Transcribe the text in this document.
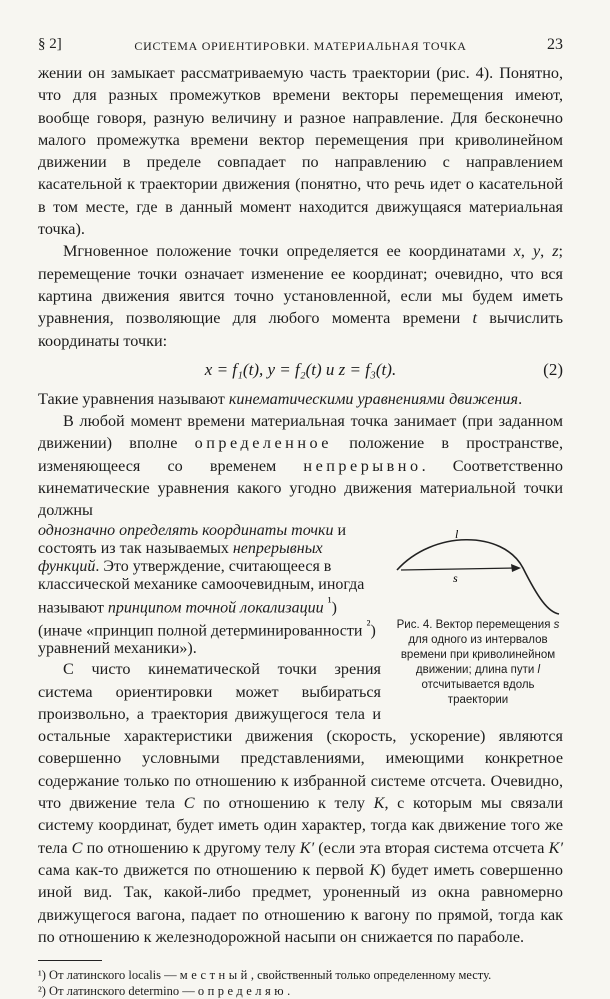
§ 2]	СИСТЕМА ОРИЕНТИРОВКИ. МАТЕРИАЛЬНАЯ ТОЧКА	23

жении он замыкает рассматриваемую часть траектории (рис. 4). Понятно, что для разных промежутков времени векторы перемещения имеют, вообще говоря, разную величину и разное направление. Для бесконечно малого промежутка времени вектор перемещения при криволинейном движении в пределе совпадает по направлению с направлением касательной к траектории движения (понятно, что речь идет о касательной в том месте, где в данный момент находится движущаяся материальная точка).

Мгновенное положение точки определяется ее координатами x, y, z; перемещение точки означает изменение ее координат; очевидно, что вся картина движения явится точно установленной, если мы будем иметь уравнения, позволяющие для любого момента времени t вычислить координаты точки:

x = f₁(t), y = f₂(t) и z = f₃(t).	(2)

Такие уравнения называют кинематическими уравнениями движения.

В любой момент времени материальная точка занимает (при заданном движении) вполне определенное положение в пространстве, изменяющееся со временем непрерывно. Соответственно кинематические уравнения какого угодно движения материальной точки должны

l
s
Рис. 4. Вектор перемещения s для одного из интервалов времени при криволинейном движении; длина пути l отсчитывается вдоль траектории
однозначно определять координаты точки и состоять из так называемых непрерывных функций. Это утверждение, считающееся в классической механике самоочевидным, иногда называют принципом точной локализации $^{^1}$) (иначе «принцип полной детерминированности $^{^2}$) уравнений механики»).

С чисто кинематической точки зрения система ориентировки может выбираться произвольно, а траектория движущегося тела и остальные характеристики движения (скорость, ускорение) являются совершенно условными представлениями, имеющими конкретное содержание только по отношению к избранной системе отсчета. Очевидно, что движение тела C по отношению к телу K, с которым мы связали систему координат, будет иметь один характер, тогда как движение того же тела C по отношению к другому телу K′ (если эта вторая система отсчета K′ сама как-то движется по отношению к первой K) будет иметь совершенно иной вид. Так, какой-либо предмет, уроненный из окна равномерно движущегося вагона, падает по отношению к вагону по прямой, тогда как по отношению к железнодорожной насыпи он снижается по параболе.

¹) От латинского localis — местный, свойственный только определенному месту.
²) От латинского determino — определяю.
